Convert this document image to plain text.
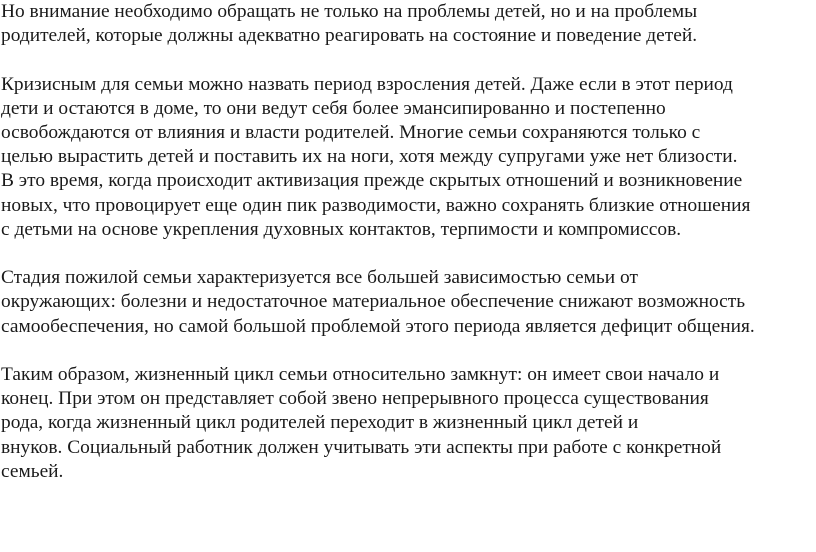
Но внимание необходимо обращать не только на проблемы детей, но и на проблемы
родителей, которые должны адекватно реагировать на состояние и поведение детей.

Кризисным для семьи можно назвать период взросления детей. Даже если в этот период
дети и остаются в доме, то они ведут себя более эмансипированно и постепенно
освобождаются от влияния и власти родителей. Многие семьи сохраняются только с
целью вырастить детей и поставить их на ноги, хотя между супругами уже нет близости.
В это время, когда происходит активизация прежде скрытых отношений и возникновение
новых, что провоцирует еще один пик разводимости, важно сохранять близкие отношения
с детьми на основе укрепления духовных контактов, терпимости и компромиссов.

Стадия пожилой семьи характеризуется все большей зависимостью семьи от
окружающих: болезни и недостаточное материальное обеспечение снижают возможность
самообеспечения, но самой большой проблемой этого периода является дефицит общения.

Таким образом, жизненный цикл семьи относительно замкнут: он имеет свои начало и
конец. При этом он представляет собой звено непрерывного процесса существования
рода, когда жизненный цикл родителей переходит в жизненный цикл детей и
внуков. Социальный работник должен учитывать эти аспекты при работе с конкретной
семьей.
